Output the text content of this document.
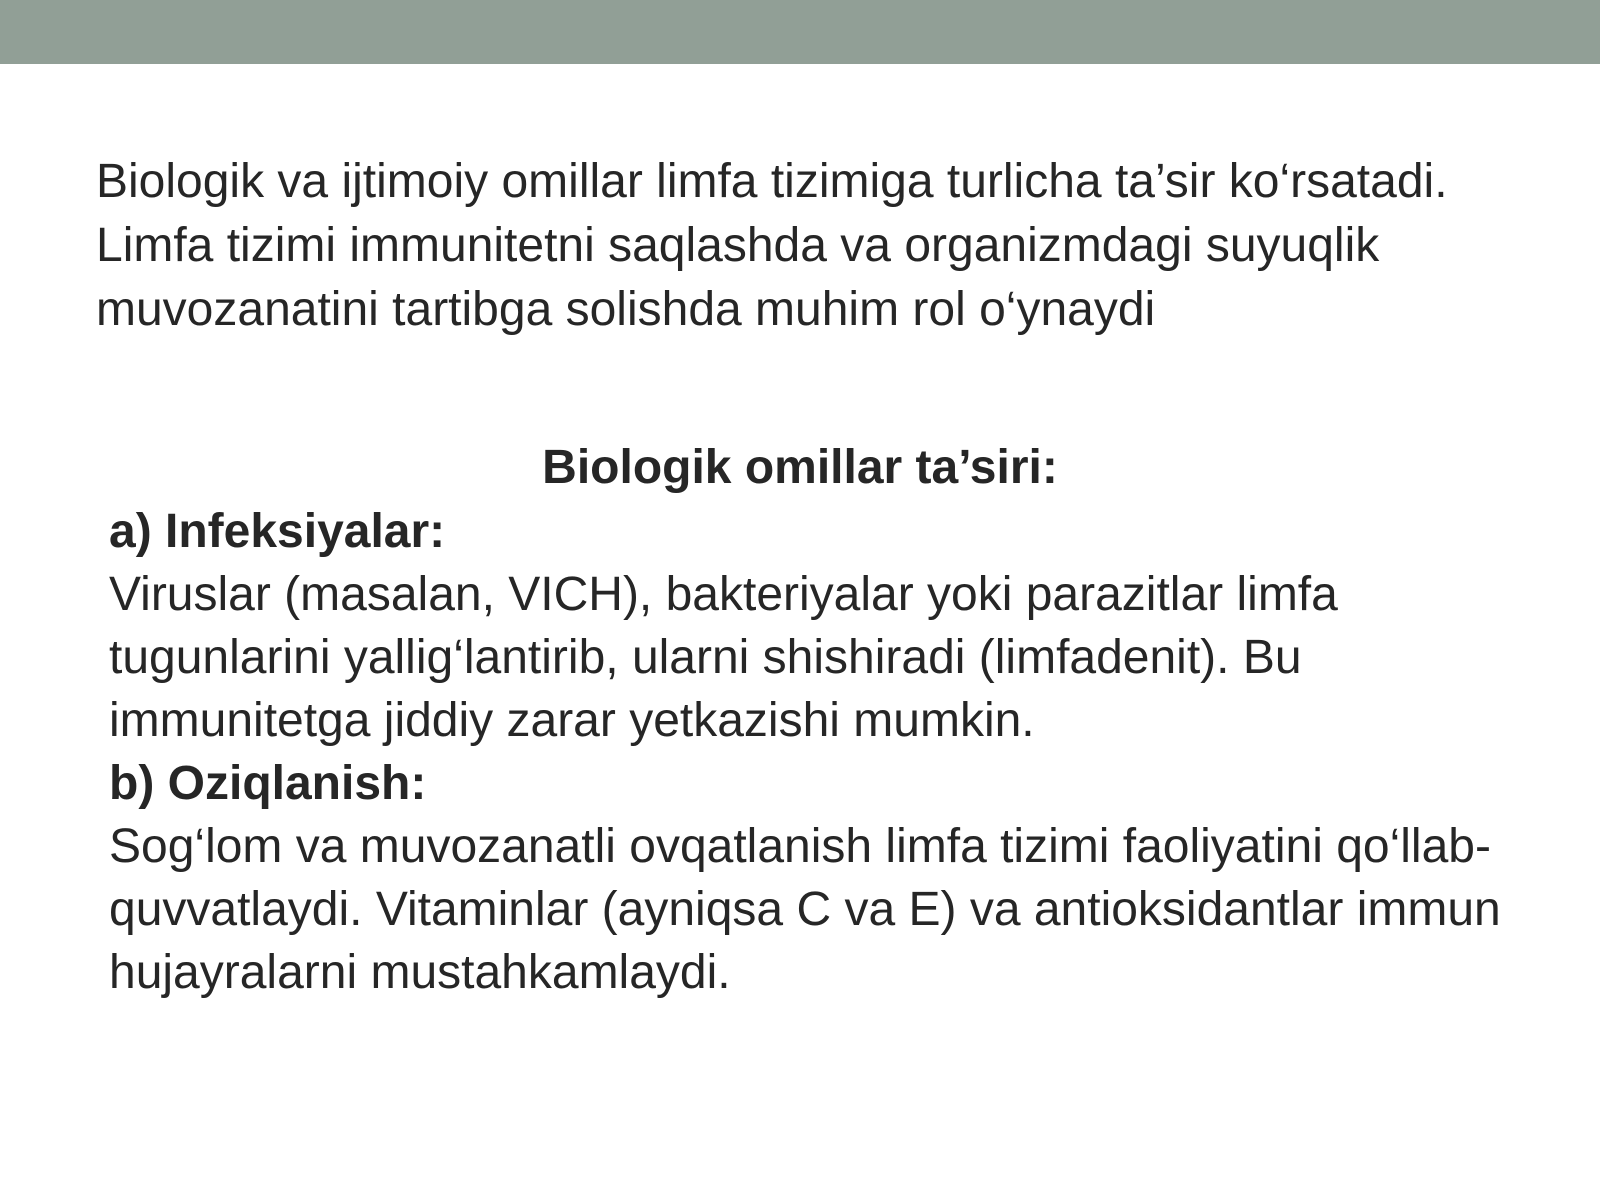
Biologik va ijtimoiy omillar limfa tizimiga turlicha ta’sir ko‘rsatadi. Limfa tizimi immunitetni saqlashda va organizmdagi suyuqlik muvozanatini tartibga solishda muhim rol o‘ynaydi

Biologik omillar ta’siri:

a) Infeksiyalar:

Viruslar (masalan, VICH), bakteriyalar yoki parazitlar limfa tugunlarini yallig‘lantirib, ularni shishiradi (limfadenit). Bu immunitetga jiddiy zarar yetkazishi mumkin.

b) Oziqlanish:

Sog‘lom va muvozanatli ovqatlanish limfa tizimi faoliyatini qo‘llab-quvvatlaydi. Vitaminlar (ayniqsa C va E) va antioksidantlar immun hujayralarni mustahkamlaydi.
